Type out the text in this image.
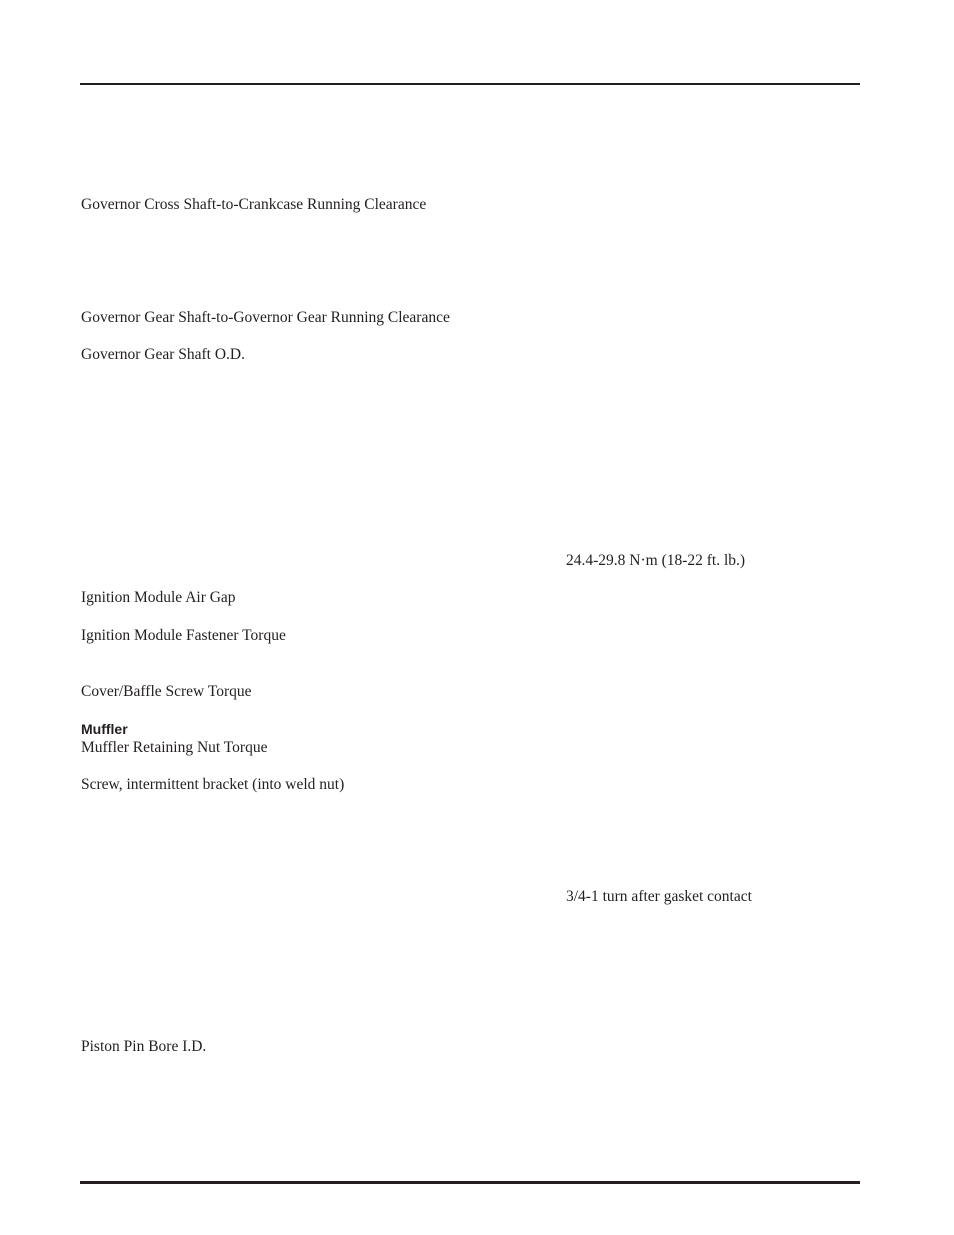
Governor Cross Shaft-to-Crankcase Running Clearance
Governor Gear Shaft-to-Governor Gear Running Clearance
Governor Gear Shaft O.D.
24.4-29.8 N·m (18-22 ft. lb.)
Ignition Module Air Gap
Ignition Module Fastener Torque
Cover/Baffle Screw Torque
Muffler
Muffler Retaining Nut Torque
Screw, intermittent bracket (into weld nut)
3/4-1 turn after gasket contact
Piston Pin Bore I.D.
